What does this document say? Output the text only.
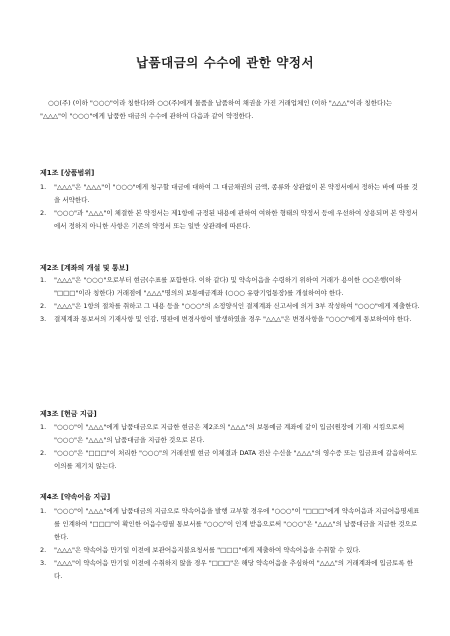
납품대금의 수수에 관한 약정서

○○(주) (이하 "○○○"이라 칭한다)와 ○○(주)에게 물품을 납품하여 채권을 가진 거래업체인 (이하 "△△△"이라 칭한다)는 "△△△"이 "○○○"에게 납품한 대금의 수수에 관하여 다음과 같이 약정한다.

제1조 [상품범위]

1. "△△△"은 "△△△"이 "○○○"에게 청구할 대금에 대하여 그 대금채권의 금액, 종류와 상관없이 본 약정서에서 정하는 바에 따를 것을 서약한다.
2. "○○○"과 "△△△"이 체결한 본 약정서는 제1항에 규정된 내용에 관하여 여하한 형태의 약정서 등에 우선하여 상용되며 본 약정서에서 정하지 아니한 사항은 기존의 약정서 또는 일반 상관례에 따른다.

제2조 [계좌의 개설 및 통보]

1. "△△△"은 "○○○"으로부터 현금(수표를 포함한다. 이하 같다) 및 약속어음을 수령하기 위하여 거래가 용이한 ○○은행(이하 "□□□"이라 칭한다) 거래점에 "△△△"명의의 보통예금계좌 (○○○ 유량기업통장)를 개설하여야 한다.
2. "△△△"은 1항의 절차를 취하고 그 내용 등을 "○○○"의 소정양식인 결제계좌 신고서에 의거 3부 작성하여 "○○○"에게 제출한다.
3. 결제계좌 통보서의 기재사항 및 인감, 명판에 변경사항이 발생하였을 경우 "△△△"은 변경사항을 "○○○"에게 통보하여야 한다.

제3조 [현금 지급]

1. "○○○"이 "△△△"에게 납품대금으로 지급한 현금은 제2조의 "△△△"의 보통예금 계좌에 같이 입금(원장에 기재) 시킴으로써 "○○○"은 "△△△"의 납품대금을 지급한 것으로 본다.
2. "○○○"은 "□□□"이 처리한 "○○○"의 거래선별 현금 이체결과 DATA 전산 수신을 "△△△"의 영수증 또는 입금표에 갈음하여도 이의를 제기치 않는다.

제4조 [약속어음 지급]

1. "○○○"이 "△△△"에게 납품대금의 지급으로 약속어음을 발행 교부할 경우에 "○○○"이 "□□□"에게 약속어음과 지급어음명세표를 인계하여 "□□□"이 확인한 어음수령필 통보서를 "○○○"이 인계 받음으로써 "○○○"은 "△△△"의 납품대금을 지급한 것으로 한다.
2. "△△△"은 약속어음 만기일 이전에 보관어음지불요청서를 "□□□"에게 제출하여 약속어음을 수취할 수 있다.
3. "△△△"이 약속어음 만기일 이전에 수취하지 않을 경우 "□□□"은 해당 약속어음을 추심하여 "△△△"의 거래계좌에 입금토록 한다.
